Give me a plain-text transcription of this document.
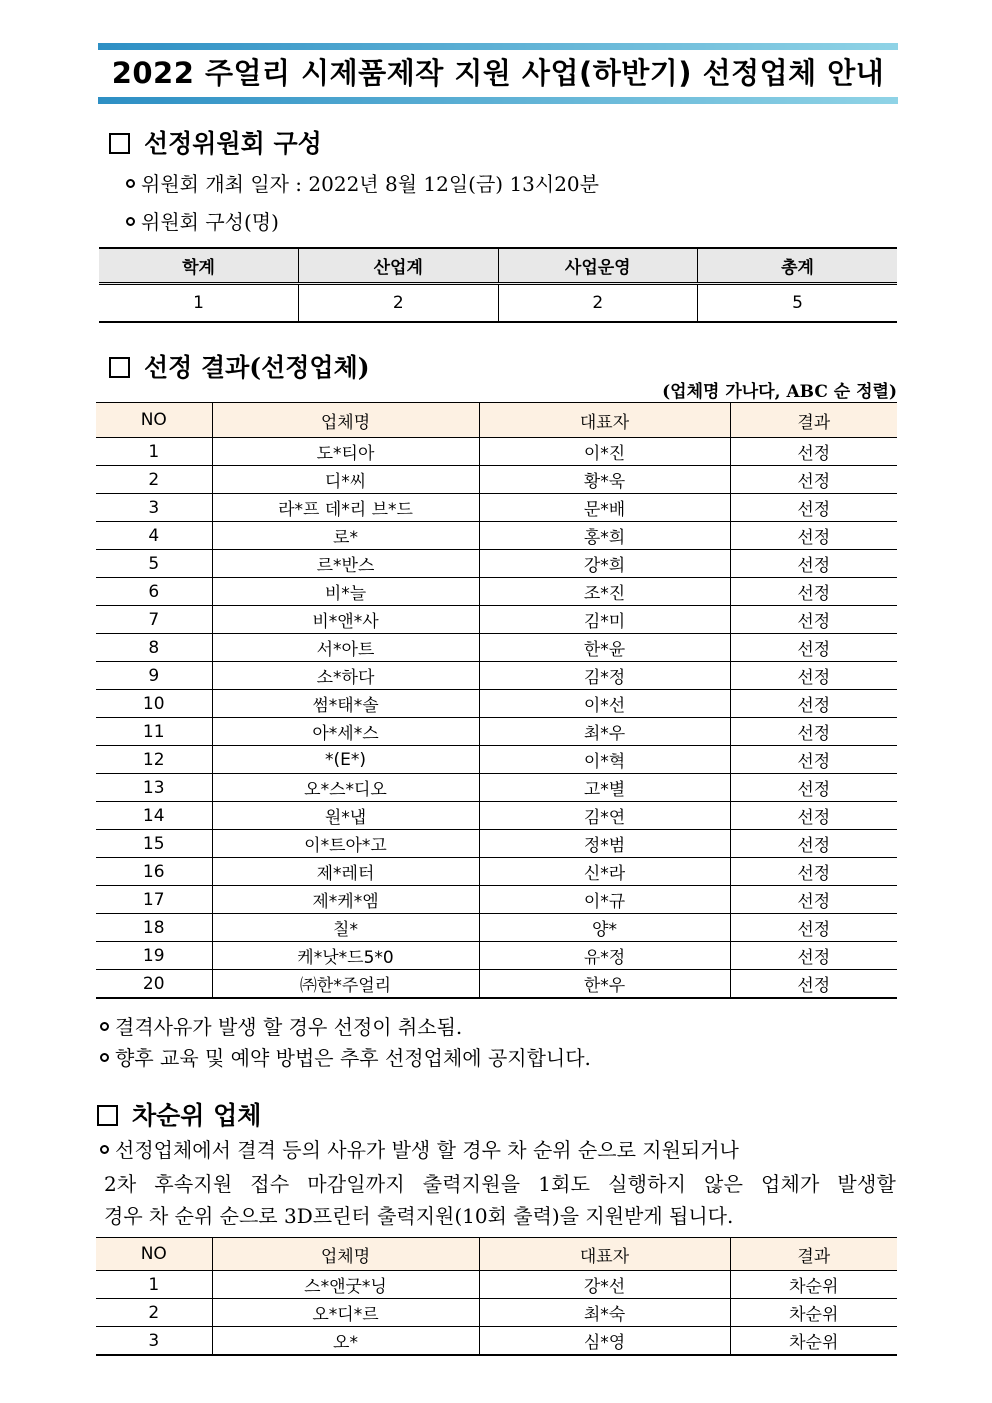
2022 주얼리 시제품제작 지원 사업(하반기) 선정업체 안내
선정위원회 구성
위원회 개최 일자 : 2022년 8월 12일(금) 13시20분
위원회 구성(명)
학계	산업계	사업운영	총계
1	2	2	5
선정 결과(선정업체)
(업체명 가나다, ABC 순 정렬)
NO	업체명	대표자	결과
1	도*티아	이*진	선정
2	디*씨	황*욱	선정
3	라*프 데*리 브*드	문*배	선정
4	로*	홍*희	선정
5	르*반스	강*희	선정
6	비*늘	조*진	선정
7	비*앤*사	김*미	선정
8	서*아트	한*윤	선정
9	소*하다	김*정	선정
10	썸*태*솔	이*선	선정
11	아*세*스	최*우	선정
12	*(E*)	이*혁	선정
13	오*스*디오	고*별	선정
14	원*냅	김*연	선정
15	이*트아*고	정*범	선정
16	제*레터	신*라	선정
17	제*케*엠	이*규	선정
18	칠*	양*	선정
19	케*낫*드5*0	유*정	선정
20	㈜한*주얼리	한*우	선정
결격사유가 발생 할 경우 선정이 취소됨.
향후 교육 및 예약 방법은 추후 선정업체에 공지합니다.
차순위 업체
선정업체에서 결격 등의 사유가 발생 할 경우 차 순위 순으로 지원되거나
2차 후속지원 접수 마감일까지 출력지원을 1회도 실행하지 않은 업체가 발생할
경우 차 순위 순으로 3D프린터 출력지원(10회 출력)을 지원받게 됩니다.
NO	업체명	대표자	결과
1	스*앤굿*닝	강*선	차순위
2	오*디*르	최*숙	차순위
3	오*	심*영	차순위
